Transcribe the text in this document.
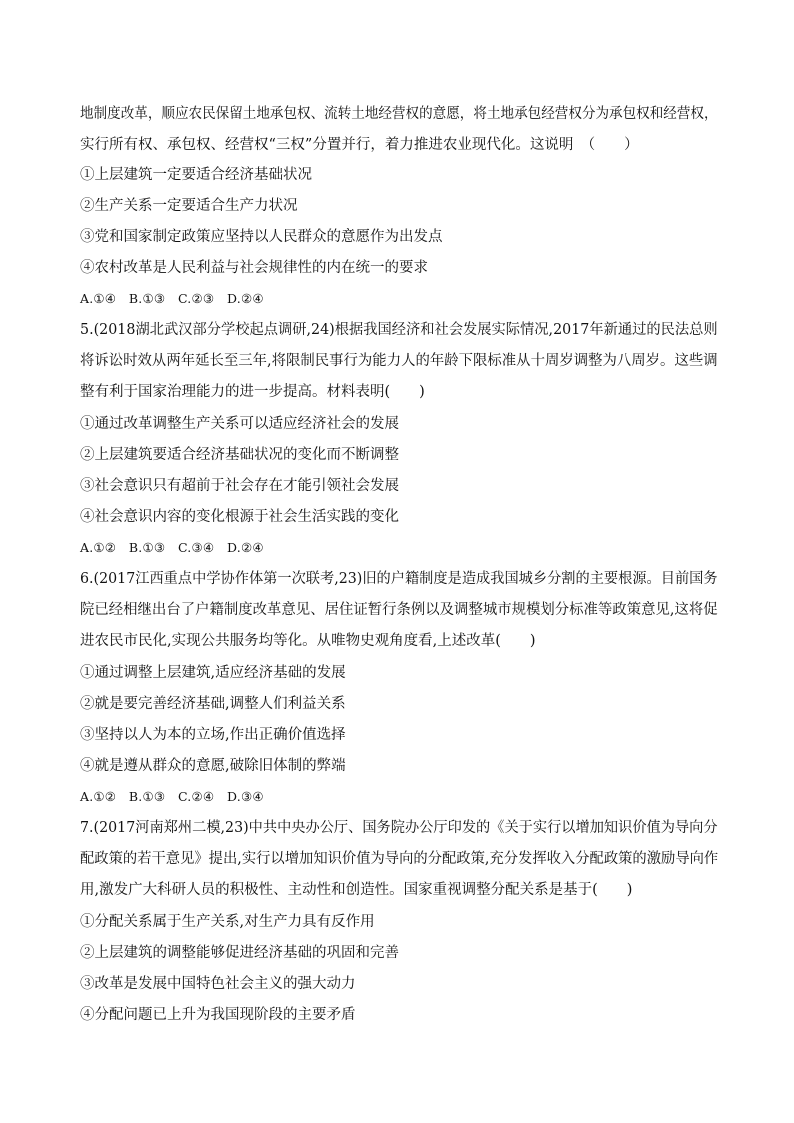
地制度改革，顺应农民保留土地承包权、流转土地经营权的意愿，将土地承包经营权分为承包权和经营权，
实行所有权、承包权、经营权“三权”分置并行，着力推进农业现代化。这说明　（　　）
①上层建筑一定要适合经济基础状况
②生产关系一定要适合生产力状况
③党和国家制定政策应坚持以人民群众的意愿作为出发点
④农村改革是人民利益与社会规律性的内在统一的要求
A.①④　B.①③　C.②③　D.②④
5.(2018湖北武汉部分学校起点调研,24)根据我国经济和社会发展实际情况,2017年新通过的民法总则
将诉讼时效从两年延长至三年,将限制民事行为能力人的年龄下限标准从十周岁调整为八周岁。这些调
整有利于国家治理能力的进一步提高。材料表明(　　)
①通过改革调整生产关系可以适应经济社会的发展
②上层建筑要适合经济基础状况的变化而不断调整
③社会意识只有超前于社会存在才能引领社会发展
④社会意识内容的变化根源于社会生活实践的变化
A.①②　B.①③　C.③④　D.②④
6.(2017江西重点中学协作体第一次联考,23)旧的户籍制度是造成我国城乡分割的主要根源。目前国务
院已经相继出台了户籍制度改革意见、居住证暂行条例以及调整城市规模划分标准等政策意见,这将促
进农民市民化,实现公共服务均等化。从唯物史观角度看,上述改革(　　)
①通过调整上层建筑,适应经济基础的发展
②就是要完善经济基础,调整人们利益关系
③坚持以人为本的立场,作出正确价值选择
④就是遵从群众的意愿,破除旧体制的弊端
A.①②　B.①③　C.②④　D.③④
7.(2017河南郑州二模,23)中共中央办公厅、国务院办公厅印发的《关于实行以增加知识价值为导向分
配政策的若干意见》提出,实行以增加知识价值为导向的分配政策,充分发挥收入分配政策的激励导向作
用,激发广大科研人员的积极性、主动性和创造性。国家重视调整分配关系是基于(　　)
①分配关系属于生产关系,对生产力具有反作用
②上层建筑的调整能够促进经济基础的巩固和完善
③改革是发展中国特色社会主义的强大动力
④分配问题已上升为我国现阶段的主要矛盾
